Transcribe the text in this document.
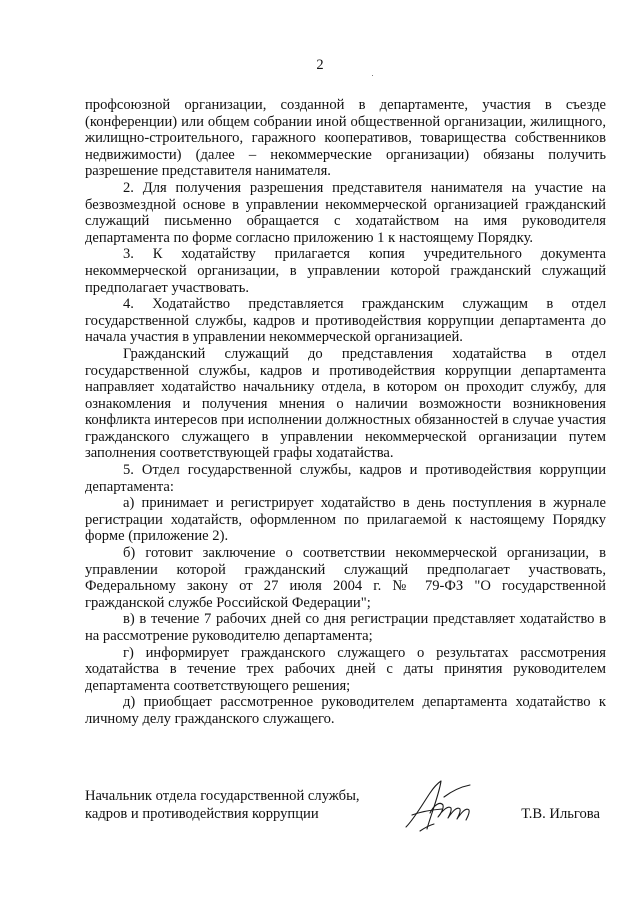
2

профсоюзной организации, созданной в департаменте, участия в съезде (конференции) или общем собрании иной общественной организации, жилищного, жилищно-строительного, гаражного кооперативов, товарищества собственников недвижимости) (далее – некоммерческие организации) обязаны получить разрешение представителя нанимателя.

2. Для получения разрешения представителя нанимателя на участие на безвозмездной основе в управлении некоммерческой организацией гражданский служащий письменно обращается с ходатайством на имя руководителя департамента по форме согласно приложению 1 к настоящему Порядку.

3. К ходатайству прилагается копия учредительного документа некоммерческой организации, в управлении которой гражданский служащий предполагает участвовать.

4. Ходатайство представляется гражданским служащим в отдел государственной службы, кадров и противодействия коррупции департамента до начала участия в управлении некоммерческой организацией.

Гражданский служащий до представления ходатайства в отдел государственной службы, кадров и противодействия коррупции департамента направляет ходатайство начальнику отдела, в котором он проходит службу, для ознакомления и получения мнения о наличии возможности возникновения конфликта интересов при исполнении должностных обязанностей в случае участия гражданского служащего в управлении некоммерческой организации путем заполнения соответствующей графы ходатайства.

5. Отдел государственной службы, кадров и противодействия коррупции департамента:

а) принимает и регистрирует ходатайство в день поступления в журнале регистрации ходатайств, оформленном по прилагаемой к настоящему Порядку форме (приложение 2).

б) готовит заключение о соответствии некоммерческой организации, в управлении которой гражданский служащий предполагает участвовать, Федеральному закону от 27 июля 2004 г. № 79-ФЗ "О государственной гражданской службе Российской Федерации";

в) в течение 7 рабочих дней со дня регистрации представляет ходатайство в на рассмотрение руководителю департамента;

г) информирует гражданского служащего о результатах рассмотрения ходатайства в течение трех рабочих дней с даты принятия руководителем департамента соответствующего решения;

д) приобщает рассмотренное руководителем департамента ходатайство к личному делу гражданского служащего.

Начальник отдела государственной службы,
кадров и противодействия коррупции	Т.В. Ильгова
